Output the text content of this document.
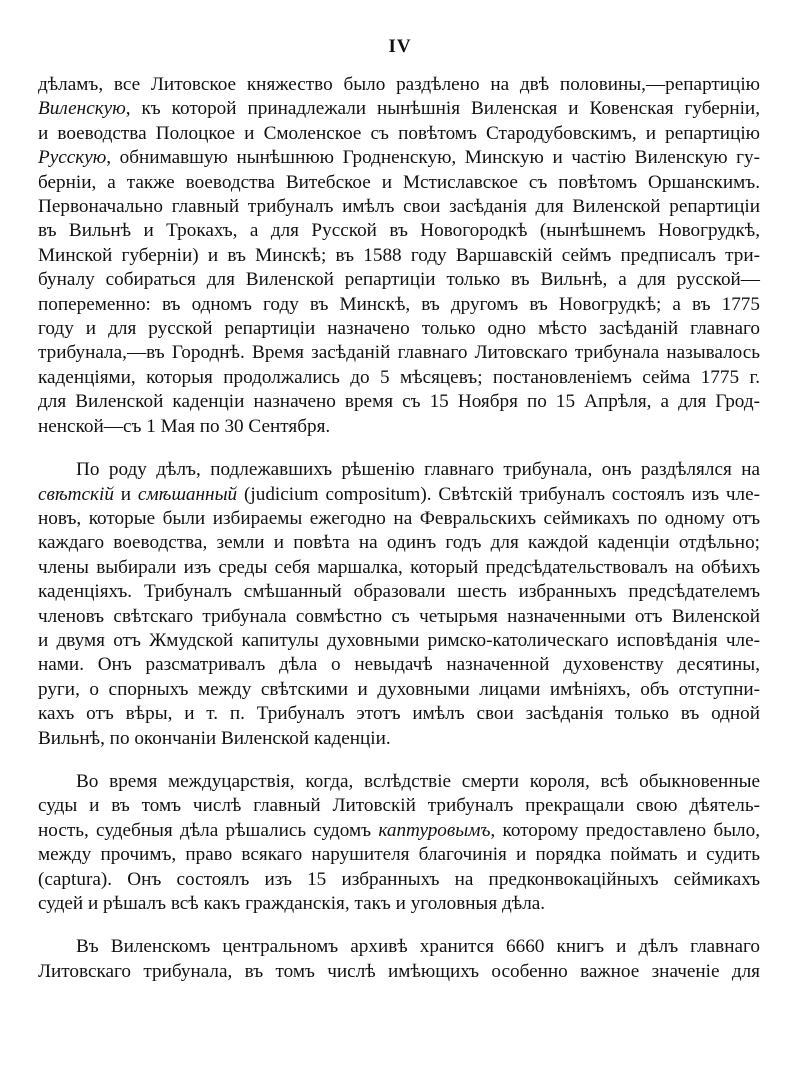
IV

дѣламъ, все Литовское княжество было раздѣлено на двѣ половины,—репартицію
Виленскую, къ которой принадлежали нынѣшнія Виленская и Ковенская губерніи,
и воеводства Полоцкое и Смоленское съ повѣтомъ Стародубовскимъ, и репартицію
Русскую, обнимавшую нынѣшнюю Гродненскую, Минскую и частію Виленскую гу-
берніи, а также воеводства Витебское и Мстиславское съ повѣтомъ Оршанскимъ.
Первоначально главный трибуналъ имѣлъ свои засѣданія для Виленской репартиціи
въ Вильнѣ и Трокахъ, а для Русской въ Новогородкѣ (нынѣшнемъ Новогрудкѣ,
Минской губерніи) и въ Минскѣ; въ 1588 году Варшавскій сеймъ предписалъ три-
буналу собираться для Виленской репартиціи только въ Вильнѣ, а для русской—
попеременно: въ одномъ году въ Минскѣ, въ другомъ въ Новогрудкѣ; а въ 1775
году и для русской репартиціи назначено только одно мѣсто засѣданій главнаго
трибунала,—въ Городнѣ. Время засѣданій главнаго Литовскаго трибунала называлось
каденціями, которыя продолжались до 5 мѣсяцевъ; постановленіемъ сейма 1775 г.
для Виленской каденціи назначено время съ 15 Ноября по 15 Апрѣля, а для Грод-
ненской—съ 1 Мая по 30 Сентября.

По роду дѣлъ, подлежавшихъ рѣшенію главнаго трибунала, онъ раздѣлялся на
свѣтскій и смѣшанный (judicium compositum). Свѣтскій трибуналъ состоялъ изъ чле-
новъ, которые были избираемы ежегодно на Февральскихъ сеймикахъ по одному отъ
каждаго воеводства, земли и повѣта на одинъ годъ для каждой каденціи отдѣльно;
члены выбирали изъ среды себя маршалка, который предсѣдательствовалъ на обѣихъ
каденціяхъ. Трибуналъ смѣшанный образовали шесть избранныхъ предсѣдателемъ
членовъ свѣтскаго трибунала совмѣстно съ четырьмя назначенными отъ Виленской
и двумя отъ Жмудской капитулы духовными римско-католическаго исповѣданія чле-
нами. Онъ разсматривалъ дѣла о невыдачѣ назначенной духовенству десятины,
руги, о спорныхъ между свѣтскими и духовными лицами имѣніяхъ, объ отступни-
кахъ отъ вѣры, и т. п. Трибуналъ этотъ имѣлъ свои засѣданія только въ одной
Вильнѣ, по окончаніи Виленской каденціи.

Во время междуцарствія, когда, вслѣдствіе смерти короля, всѣ обыкновенные
суды и въ томъ числѣ главный Литовскій трибуналъ прекращали свою дѣятель-
ность, судебныя дѣла рѣшались судомъ каптуровымъ, которому предоставлено было,
между прочимъ, право всякаго нарушителя благочинія и порядка поймать и судить
(captura). Онъ состоялъ изъ 15 избранныхъ на предконвокаційныхъ сеймикахъ
судей и рѣшалъ всѣ какъ гражданскія, такъ и уголовныя дѣла.

Въ Виленскомъ центральномъ архивѣ хранится 6660 книгъ и дѣлъ главнаго
Литовскаго трибунала, въ томъ числѣ имѣющихъ особенно важное значеніе для
